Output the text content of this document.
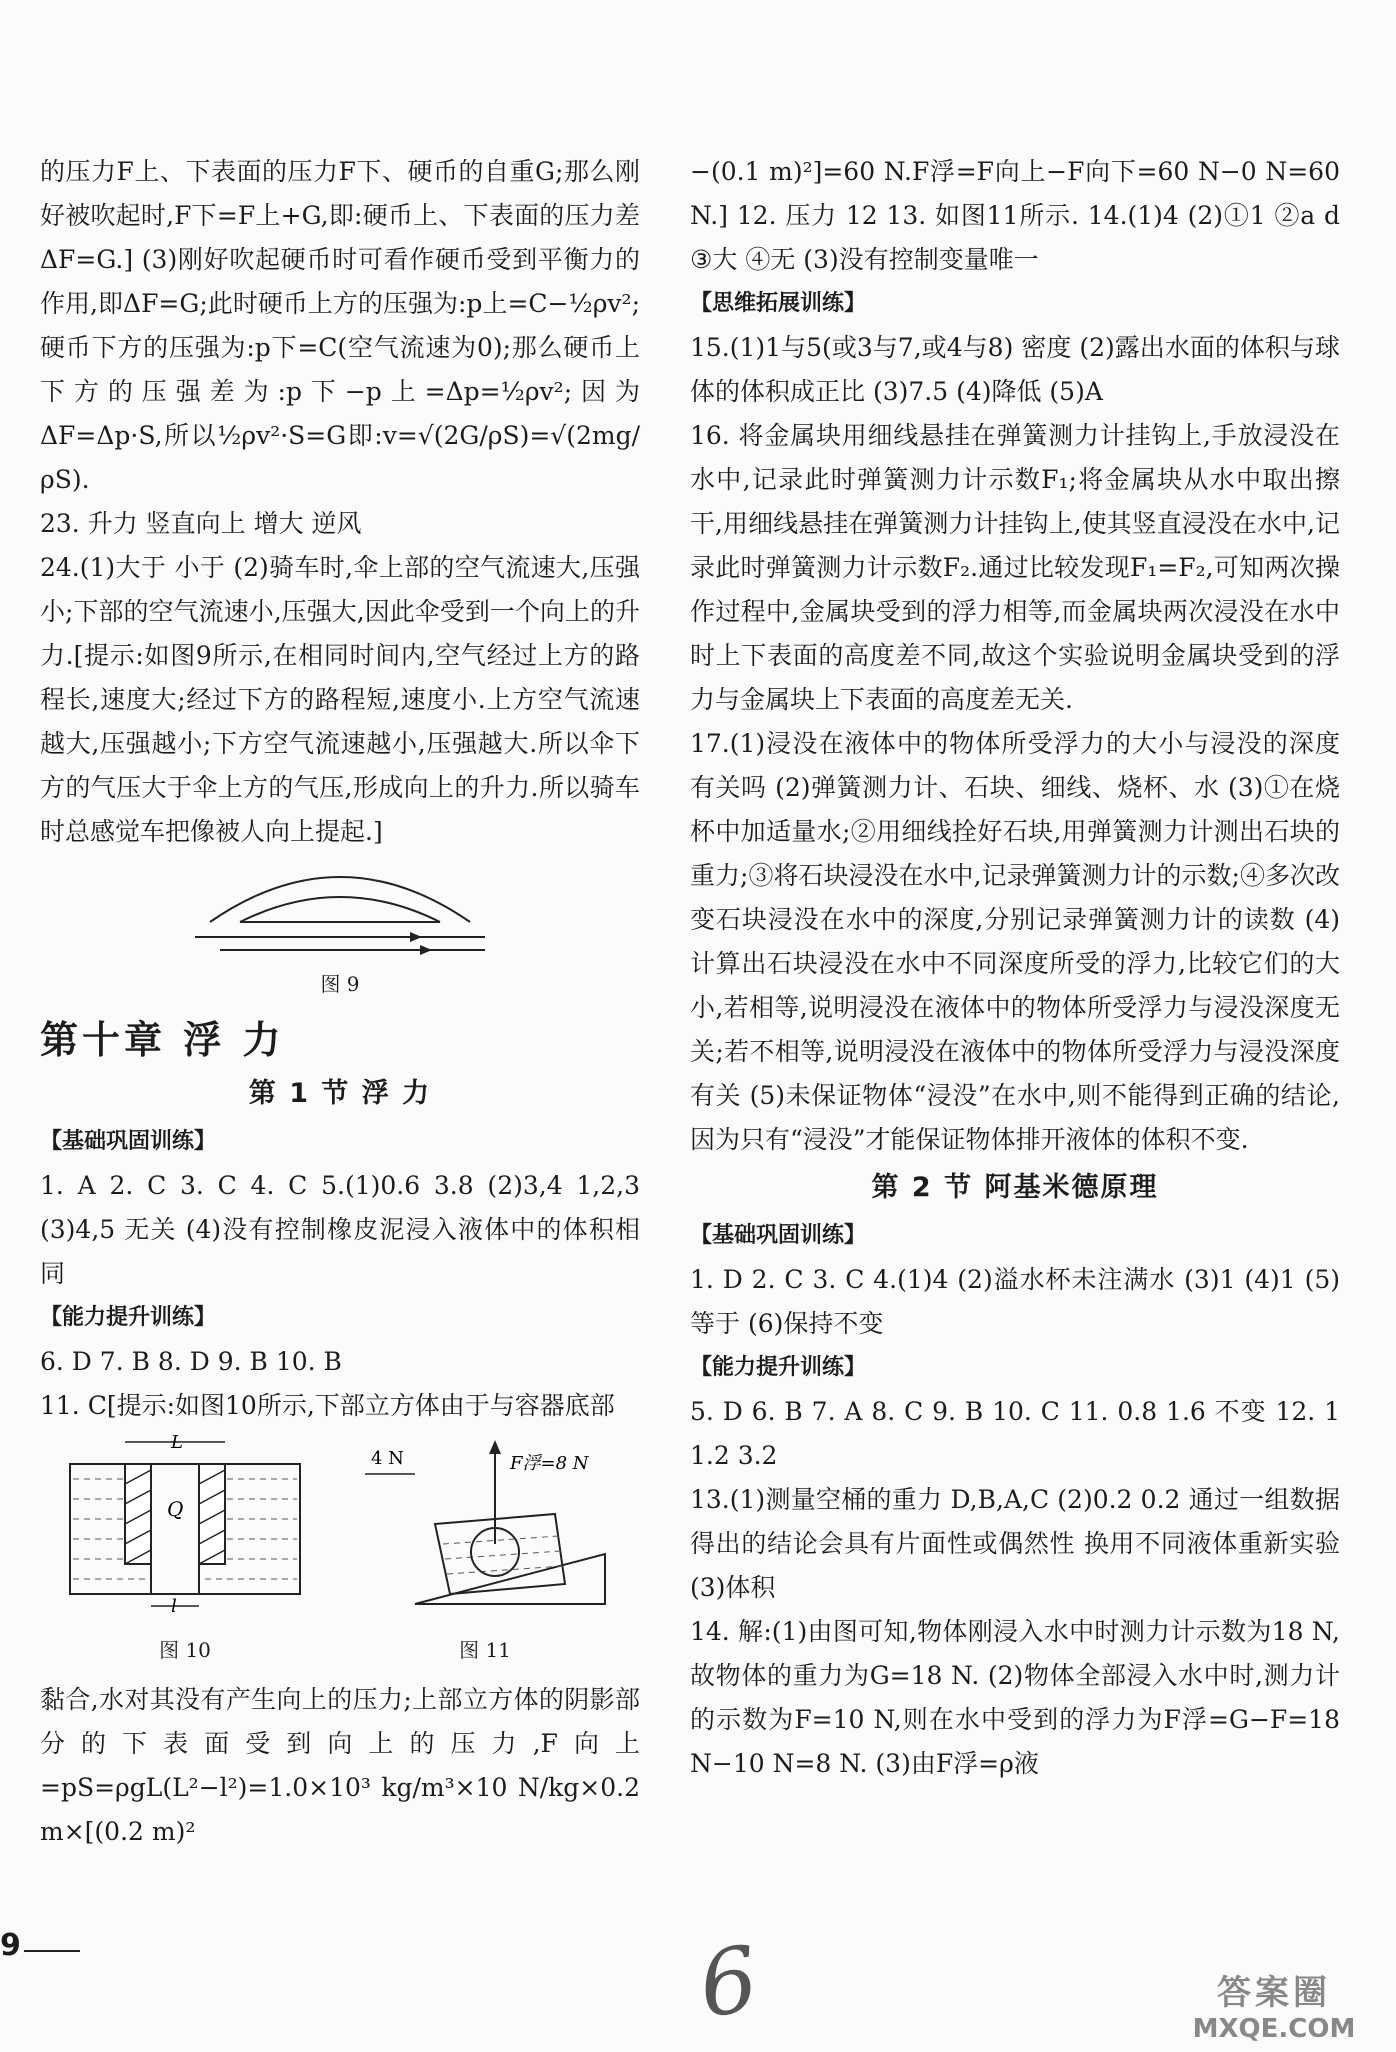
的压力F上、下表面的压力F下、硬币的自重G;那么刚好被吹起时,F下=F上+G,即:硬币上、下表面的压力差ΔF=G.] (3)刚好吹起硬币时可看作硬币受到平衡力的作用,即ΔF=G;此时硬币上方的压强为:p上=C−½ρv²;硬币下方的压强为:p下=C(空气流速为0);那么硬币上下方的压强差为:p下−p上=Δp=½ρv²;因为ΔF=Δp·S,所以½ρv²·S=G即:v=√(2G/ρS)=√(2mg/ρS).

23. 升力 竖直向上 增大 逆风

24.(1)大于 小于 (2)骑车时,伞上部的空气流速大,压强小;下部的空气流速小,压强大,因此伞受到一个向上的升力.[提示:如图9所示,在相同时间内,空气经过上方的路程长,速度大;经过下方的路程短,速度小.上方空气流速越大,压强越小;下方空气流速越小,压强越大.所以伞下方的气压大于伞上方的气压,形成向上的升力.所以骑车时总感觉车把像被人向上提起.]

图 9
第十章 浮 力
第 1 节 浮 力

【基础巩固训练】

1. A 2. C 3. C 4. C 5.(1)0.6 3.8 (2)3,4 1,2,3 (3)4,5 无关 (4)没有控制橡皮泥浸入液体中的体积相同

【能力提升训练】

6. D 7. B 8. D 9. B 10. B

11. C[提示:如图10所示,下部立方体由于与容器底部

L
Q
l
图 10
4 N	F浮=8 N
图 11

黏合,水对其没有产生向上的压力;上部立方体的阴影部分的下表面受到向上的压力,F向上=pS=ρgL(L²−l²)=1.0×10³ kg/m³×10 N/kg×0.2 m×[(0.2 m)²

−(0.1 m)²]=60 N.F浮=F向上−F向下=60 N−0 N=60 N.] 12. 压力 12 13. 如图11所示. 14.(1)4 (2)①1 ②a d ③大 ④无 (3)没有控制变量唯一

【思维拓展训练】

15.(1)1与5(或3与7,或4与8) 密度 (2)露出水面的体积与球体的体积成正比 (3)7.5 (4)降低 (5)A

16. 将金属块用细线悬挂在弹簧测力计挂钩上,手放浸没在水中,记录此时弹簧测力计示数F₁;将金属块从水中取出擦干,用细线悬挂在弹簧测力计挂钩上,使其竖直浸没在水中,记录此时弹簧测力计示数F₂.通过比较发现F₁=F₂,可知两次操作过程中,金属块受到的浮力相等,而金属块两次浸没在水中时上下表面的高度差不同,故这个实验说明金属块受到的浮力与金属块上下表面的高度差无关.

17.(1)浸没在液体中的物体所受浮力的大小与浸没的深度有关吗 (2)弹簧测力计、石块、细线、烧杯、水 (3)①在烧杯中加适量水;②用细线拴好石块,用弹簧测力计测出石块的重力;③将石块浸没在水中,记录弹簧测力计的示数;④多次改变石块浸没在水中的深度,分别记录弹簧测力计的读数 (4)计算出石块浸没在水中不同深度所受的浮力,比较它们的大小,若相等,说明浸没在液体中的物体所受浮力与浸没深度无关;若不相等,说明浸没在液体中的物体所受浮力与浸没深度有关 (5)未保证物体“浸没”在水中,则不能得到正确的结论,因为只有“浸没”才能保证物体排开液体的体积不变.

第 2 节 阿基米德原理

【基础巩固训练】

1. D 2. C 3. C 4.(1)4 (2)溢水杯未注满水 (3)1 (4)1 (5)等于 (6)保持不变

【能力提升训练】

5. D 6. B 7. A 8. C 9. B 10. C 11. 0.8 1.6 不变 12. 1 1.2 3.2

13.(1)测量空桶的重力 D,B,A,C (2)0.2 0.2 通过一组数据得出的结论会具有片面性或偶然性 换用不同液体重新实验 (3)体积

14. 解:(1)由图可知,物体刚浸入水中时测力计示数为18 N,故物体的重力为G=18 N. (2)物体全部浸入水中时,测力计的示数为F=10 N,则在水中受到的浮力为F浮=G−F=18 N−10 N=8 N. (3)由F浮=ρ液

9	6	答案圈
MXQE.COM
